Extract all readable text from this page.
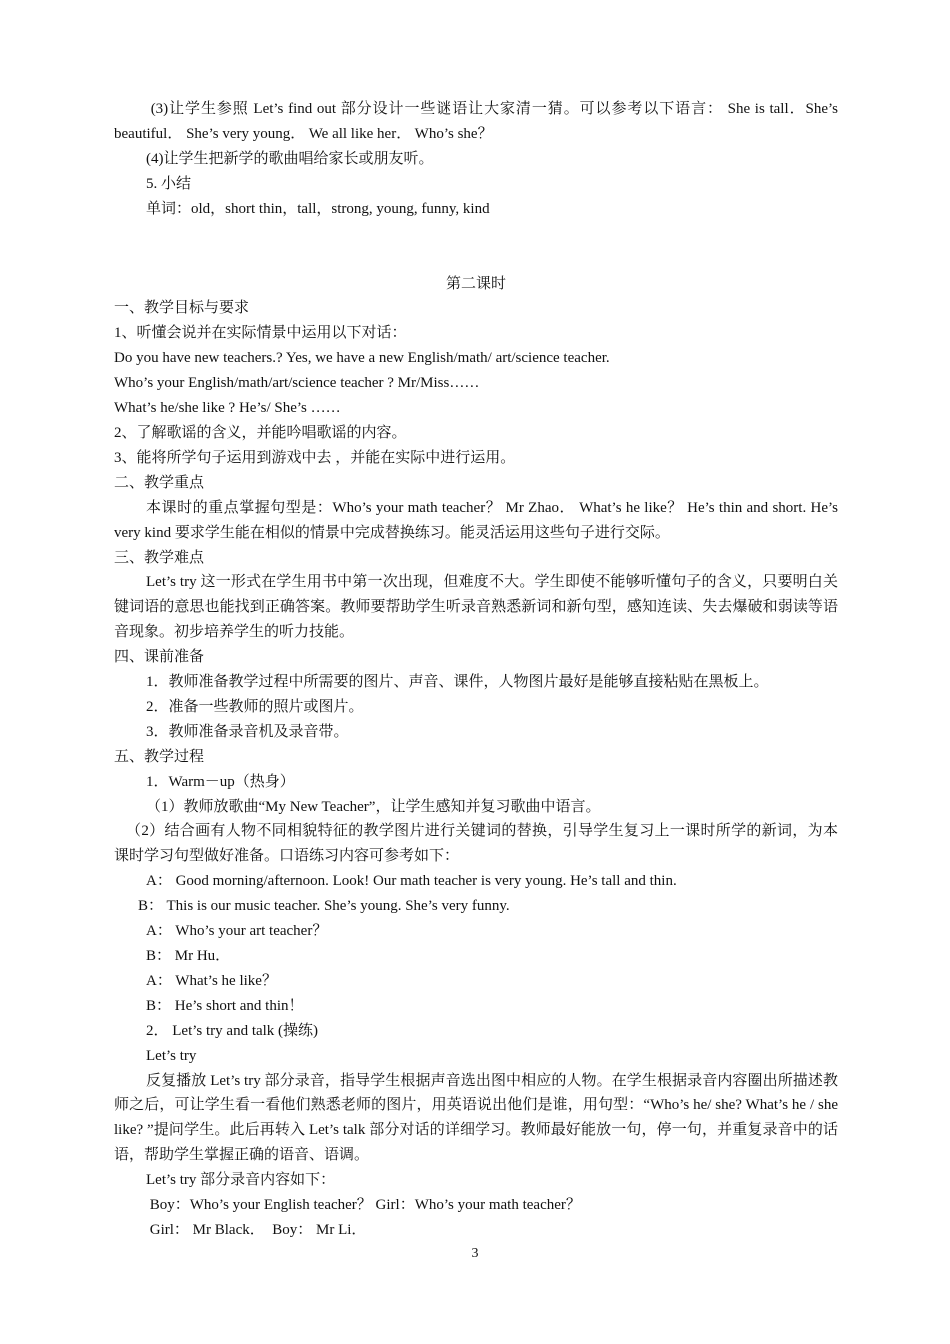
(3)让学生参照 Let’s find out 部分设计一些谜语让大家清一猜。可以参考以下语言： She is tall．She’s beautiful． She’s very young． We all like her． Who’s she？

(4)让学生把新学的歌曲唱给家长或朋友听。

5. 小结

单词：old，short thin，tall，strong, young, funny, kind

第二课时

一、教学目标与要求

1、听懂会说并在实际情景中运用以下对话：

Do you have new teachers.? Yes, we have a new English/math/ art/science teacher.

Who’s your English/math/art/science teacher ? Mr/Miss……

What’s he/she like ? He’s/ She’s ……

2、了解歌谣的含义，并能吟唱歌谣的内容。

3、能将所学句子运用到游戏中去 ，并能在实际中进行运用。

二、教学重点

本课时的重点掌握句型是：Who’s your math teacher？ Mr Zhao． What’s he like？ He’s thin and short. He’s very kind 要求学生能在相似的情景中完成替换练习。能灵活运用这些句子进行交际。

三、教学难点

Let’s try 这一形式在学生用书中第一次出现，但难度不大。学生即使不能够听懂句子的含义，只要明白关键词语的意思也能找到正确答案。教师要帮助学生听录音熟悉新词和新句型，感知连读、失去爆破和弱读等语音现象。初步培养学生的听力技能。

四、课前准备

1．教师准备教学过程中所需要的图片、声音、课件，人物图片最好是能够直接粘贴在黑板上。

2．准备一些教师的照片或图片。

3．教师准备录音机及录音带。

五、教学过程

1．Warm－up（热身）

（1）教师放歌曲“My New Teacher”，让学生感知并复习歌曲中语言。

（2）结合画有人物不同相貌特征的教学图片进行关键词的替换，引导学生复习上一课时所学的新词，为本课时学习句型做好准备。口语练习内容可参考如下：

A： Good morning/afternoon. Look! Our math teacher is very young. He’s tall and thin.

B： This is our music teacher. She’s young. She’s very funny.

A： Who’s your art teacher？

B： Mr Hu．

A： What’s he like？

B： He’s short and thin！

2． Let’s try and talk (操练)

Let’s try

反复播放 Let’s try 部分录音，指导学生根据声音选出图中相应的人物。在学生根据录音内容圈出所描述教师之后，可让学生看一看他们熟悉老师的图片，用英语说出他们是谁，用句型：“Who’s he/ she? What’s he / she like? ”提问学生。此后再转入 Let’s talk 部分对话的详细学习。教师最好能放一句，停一句，并重复录音中的话语，帮助学生掌握正确的语音、语调。

Let’s try 部分录音内容如下：

Boy：Who’s your English teacher？ Girl：Who’s your math teacher？

Girl： Mr Black．  Boy： Mr Li．

3
